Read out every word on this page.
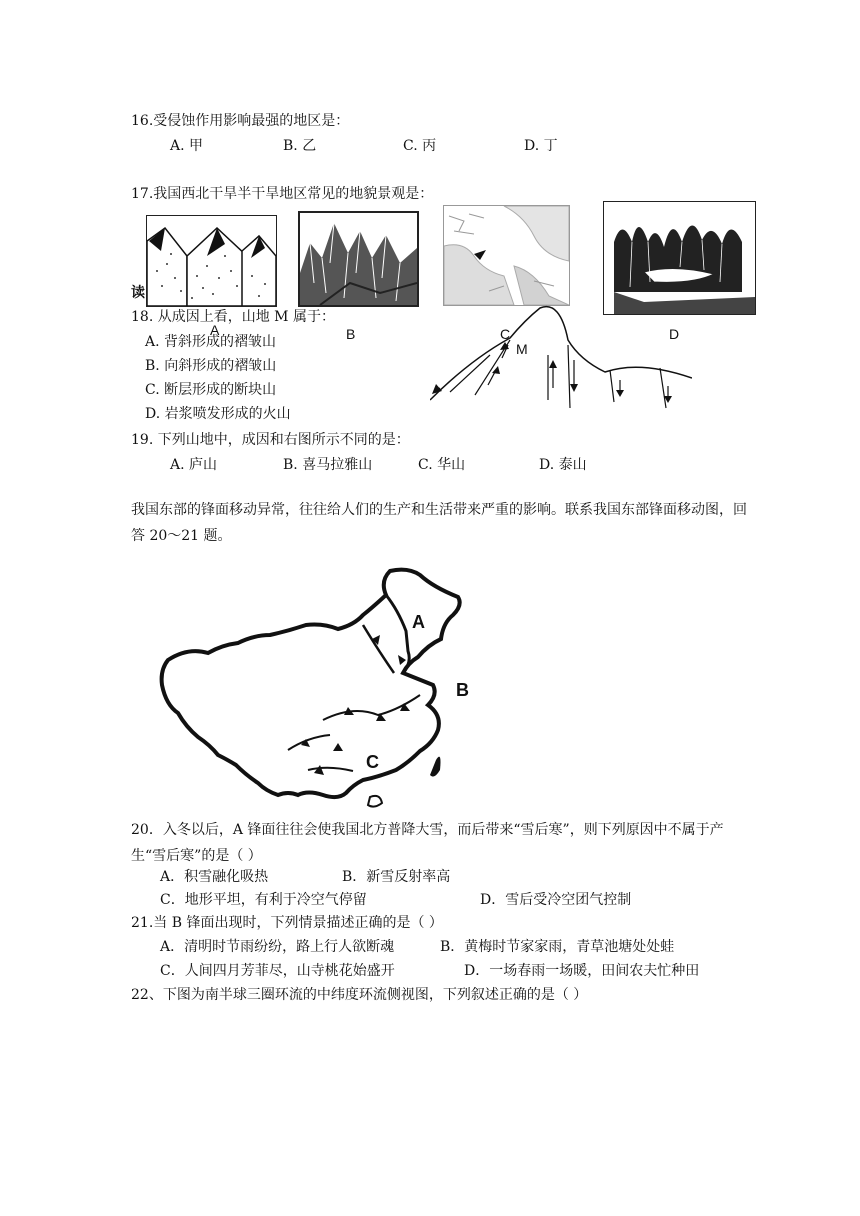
16.受侵蚀作用影响最强的地区是：
A. 甲	B. 乙	C. 丙	D. 丁
17.我国西北干旱半干旱地区常见的地貌景观是：
B	C	D
读
A
18. 从成因上看，山地 M 属于：
A. 背斜形成的褶皱山
B. 向斜形成的褶皱山
C. 断层形成的断块山
D. 岩浆喷发形成的火山
M
19. 下列山地中，成因和右图所示不同的是：
A. 庐山	B. 喜马拉雅山	C. 华山	D. 泰山
我国东部的锋面移动异常，往往给人们的生产和生活带来严重的影响。联系我国东部锋面移动图，回答 20～21 题。
A
B
C
20．入冬以后，A 锋面往往会使我国北方普降大雪，而后带来“雪后寒”，则下列原因中不属于产生“雪后寒”的是（ ）
A．积雪融化吸热	B．新雪反射率高
C．地形平坦，有利于冷空气停留	D．雪后受冷空团气控制
21.当 B 锋面出现时，下列情景描述正确的是（ ）
A．清明时节雨纷纷，路上行人欲断魂	B．黄梅时节家家雨，青草池塘处处蛙
C．人间四月芳菲尽，山寺桃花始盛开	D．一场春雨一场暖，田间农夫忙种田
22、下图为南半球三圈环流的中纬度环流侧视图，下列叙述正确的是（ ）
